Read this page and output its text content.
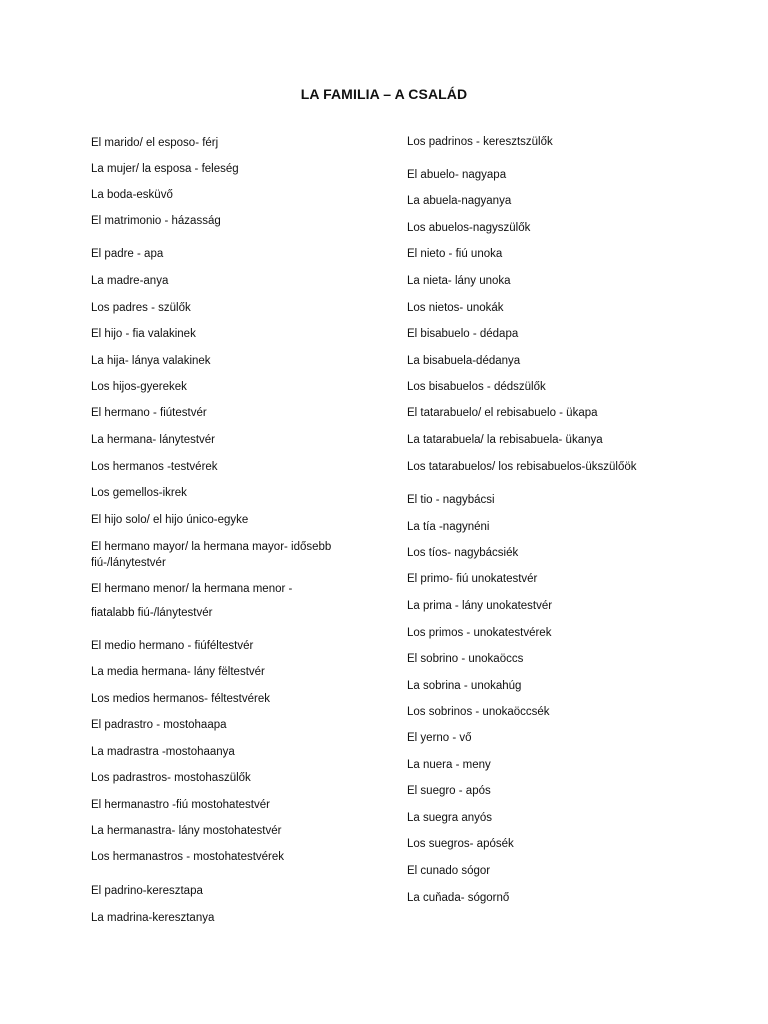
LA FAMILIA – A CSALÁD
El marido/ el esposo- férj
La mujer/ la esposa - feleség
La boda-esküvő
El matrimonio - házasság
El padre - apa
La madre-anya
Los padres - szülők
El hijo - fia valakinek
La hija- lánya valakinek
Los hijos-gyerekek
El hermano - fiútestvér
La hermana- lánytestvér
Los hermanos -testvérek
Los gemellos-ikrek
El hijo solo/ el hijo único-egyke
El hermano mayor/ la hermana mayor- idősebb fiú-/lánytestvér
El hermano menor/ la hermana menor -
fiatalabb fiú-/lánytestvér
El medio hermano - fiúféltestvér
La media hermana- lány fëltestvér
Los medios hermanos- féltestvérek
El padrastro - mostohaapa
La madrastra -mostohaanya
Los padrastros- mostohaszülők
El hermanastro -fiú mostohatestvér
La hermanastra- lány mostohatestvér
Los hermanastros - mostohatestvérek
El padrino-keresztapa
La madrina-keresztanya
Los padrinos - keresztszülők
El abuelo- nagyapa
La abuela-nagyanya
Los abuelos-nagyszülők
El nieto - fiú unoka
La nieta- lány unoka
Los nietos- unokák
El bisabuelo - dédapa
La bisabuela-dédanya
Los bisabuelos - dédszülők
El tatarabuelo/ el rebisabuelo - ükapa
La tatarabuela/ la rebisabuela- ükanya
Los tatarabuelos/ los rebisabuelos-ükszülőök
El tio - nagybácsi
La tía -nagynéni
Los tíos- nagybácsiék
El primo- fiú unokatestvér
La prima - lány unokatestvér
Los primos - unokatestvérek
El sobrino - unokaöccs
La sobrina - unokahúg
Los sobrinos - unokaöccsék
El yerno - vő
La nuera - meny
El suegro - após
La suegra anyós
Los suegros- apósék
El cunado sógor
La cuňada- sógornő
